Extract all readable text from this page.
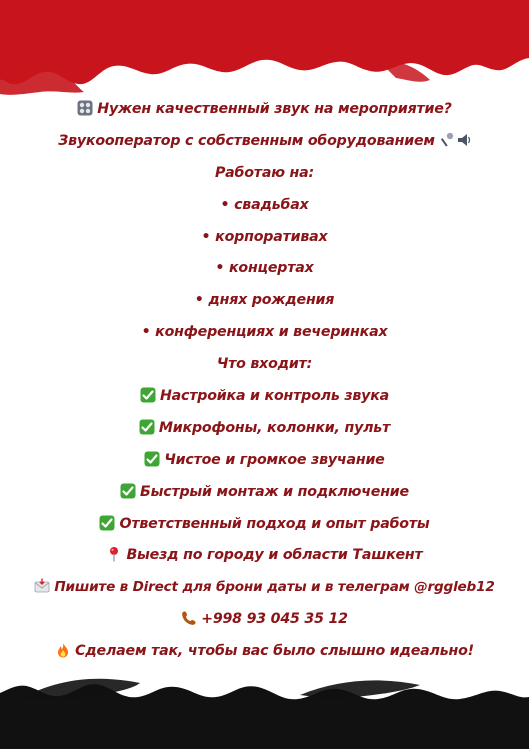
Нужен качественный звук на мероприятие?
Звукооператор с собственным оборудованием
Работаю на:
• свадьбах
• корпоративах
• концертах
• днях рождения
• конференциях и вечеринках
Что входит:
Настройка и контроль звука
Микрофоны, колонки, пульт
Чистое и громкое звучание
Быстрый монтаж и подключение
Ответственный подход и опыт работы
Выезд по городу и области Ташкент
Пишите в Direct для брони даты и в телеграм @rggleb12
+998 93 045 35 12
Сделаем так, чтобы вас было слышно идеально!
